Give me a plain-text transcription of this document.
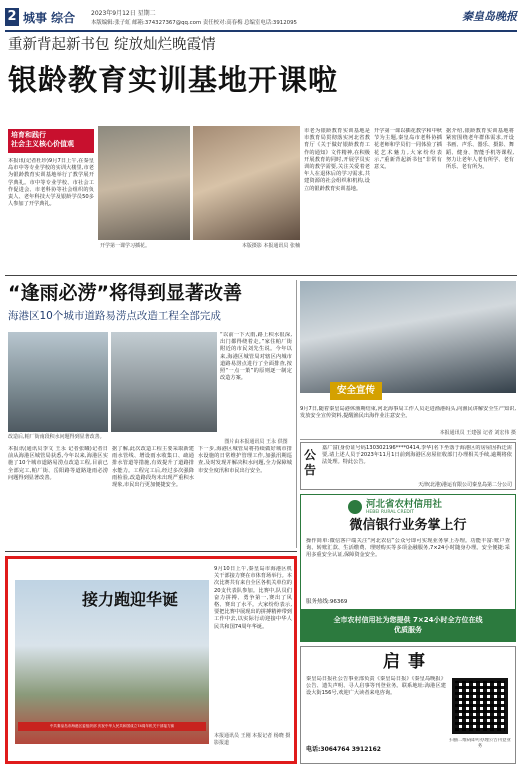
2 城事 综合	2023年9月12日 星期二
本版编辑:张子虹 邮箱:374327367@qq.com 责任校对:高春梅 总编室电话:3912095	秦皇岛晚报
重新背起新书包 绽放灿烂晚霞情
银龄教育实训基地开课啦
培育和践行
社会主义核心价值观
本报讯(记者杜珍)9月7日上午,在秦皇岛市中等专业学校的实训大楼里,市老为银龄教育实训基地举行了教学展开学典礼。市中等专业学校、市社会工作促进会、市老科协等社会组织的负责人、老年科技大学及银龄学员50多人参加了开学典礼。
开学第一课学习插花。	本版摄影 本报通讯员 张楠
市老为银龄教育实训基地是市教育局贯彻落实河北省教育厅《关于做好银龄教育工作的通知》文件精神,在积极开展教育的同时,开展学员实训的教学需要,关注关爱着老年人在退休后的学习需求,共建资源的社会组织和机构,设立的银龄教育实训基地。
开学第一课以插花教学和中秋节为主题,秦皇岛市老科协插花老师和学员们一同体验了插花艺术魅力,大家纷纷表示,“重新背起新书包”非常有意义。
据介绍,银龄教育实训基地将紧密围绕老年群体需求,开设书画、声乐、器乐、摄影、舞蹈、健身、智能手机等课程,努力让老年人老有所学、老有所乐、老有所为。
“逢雨必涝”将得到显著改善
海港区10个城市道路易涝点改造工程全部完成
改造后,帕厂街南段积水问题得到显著改善。
“以前一下大雨,路上积水很深,出门都得绕着走。”家住帕厂街附近的市民刘先生说。今年以来,海港区城管局对辖区内城市道路易涝点进行了全面排查,按照“一点一策”的原则逐一制定改造方案。
图片由本报通讯员 王永 供图
本报讯(通讯员李文 王永 记者张曦)记者日前从海港区城管局获悉,今年以来,海港区实施了10个城市道路易涝点改造工程,目前已全部完工,帕厂街、岳阳路等道路逢雨必涝问题得到显著改善。
据了解,此次改造工程主要采取新建雨水管线、增设雨水收集口、疏通排水管道等措施,有效提升了道路排水能力。工程完工后,经过多次强降雨检验,改造路段均未出现严重积水现象,市民出行更加便捷安全。
下一步,海港区城管局将持续做好城市排水设施的日常维护管理工作,加强汛期巡查,及时发现并解决积水问题,全力保障城市安全度汛和市民出行安全。
安全宣传
9月7日,随着秦皇岛港休渔期结束,河北海事局工作人员走进渔港码头,向渔民讲解安全生产知识,发放安全宣传资料,提醒渔民出海作业注意安全。
本报通讯员 王建强 记者 刘宏伟 摄
公告
嘉广富(身份证号码130302196****0414,李华)名下坐落于海港区的房屋因拆迁需要,请上述人员于2023年11月1日前到海港区房屋征收部门办理相关手续,逾期将依法处理。特此公告。
天津(北港)港运有限公司秦皇岛第二分公司
河北省农村信用社
HEBEI RURAL CREDIT
微信银行业务掌上行
操作简单:微信客户端关注“河北农信”公众号即可实现业务掌上办理。功能丰富:账户查询、转账汇款、生活缴费、理财购买等多项金融服务,7×24小时随身办理。安全便捷:采用多重安全认证,保障资金安全。
服务热线:96369
全市农村信用社为您提供 7×24小时全方位在线优质服务
接力跑迎华诞
中共秦皇岛市海港区委组织部 庆祝中华人民共和国成立74周年机关干部接力赛
9月10日上午,秦皇岛市海港区机关干部接力赛在市体育场举行。本次比赛共有来自全区各机关单位的20支代表队参加。比赛中,队员们奋力拼搏、勇争第一,赛出了风格、赛出了水平。大家纷纷表示,要把比赛中展现出的拼搏精神带到工作中去,以实际行动迎接中华人民共和国74周年华诞。
本报通讯员 王刚 本报记者 杨晓 摄影报道
启事
秦皇岛日报社公告事业部负责《秦皇岛日报》《秦皇岛晚报》公告、遗失声明、寻人启事等刊登业务。联系地址:海港区建设大街156号,欢迎广大读者来电咨询。
电话:3064764 3912162
扫描二维码即可办理公告刊登业务
